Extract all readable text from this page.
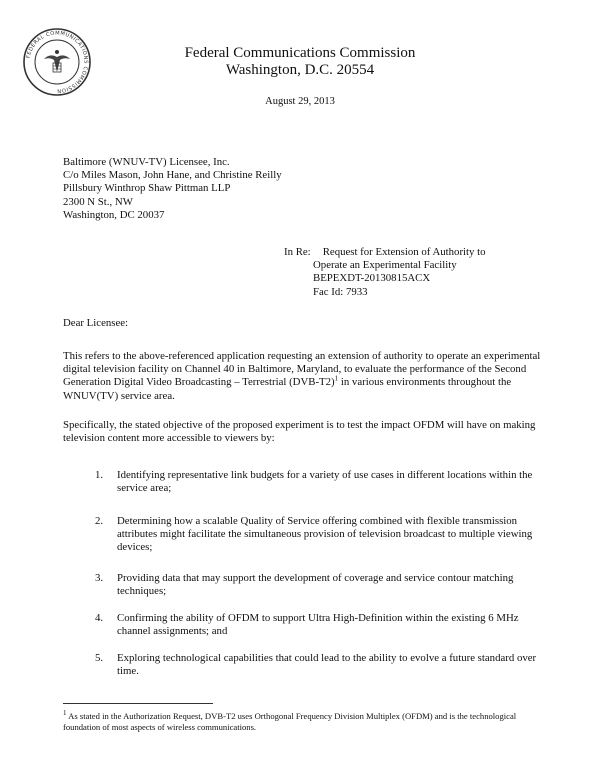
FEDERAL COMMUNICATIONS COMMISSION
Federal Communications Commission
Washington, D.C. 20554
August 29, 2013
Baltimore (WNUV-TV) Licensee, Inc.
C/o Miles Mason, John Hane, and Christine Reilly
Pillsbury Winthrop Shaw Pittman LLP
2300 N St., NW
Washington, DC 20037
In Re: Request for Extension of Authority to
Operate an Experimental Facility
BEPEXDT-20130815ACX
Fac Id: 7933
Dear Licensee:
This refers to the above-referenced application requesting an extension of authority to operate an experimental digital television facility on Channel 40 in Baltimore, Maryland, to evaluate the performance of the Second Generation Digital Video Broadcasting – Terrestrial $(DVB-T2)^1$ in various environments throughout the WNUV(TV) service area.
Specifically, the stated objective of the proposed experiment is to test the impact OFDM will have on making television content more accessible to viewers by:
1.	Identifying representative link budgets for a variety of use cases in different locations within the service area;
2.	Determining how a scalable Quality of Service offering combined with flexible transmission attributes might facilitate the simultaneous provision of television broadcast to multiple viewing devices;
3.	Providing data that may support the development of coverage and service contour matching techniques;
4.	Confirming the ability of OFDM to support Ultra High-Definition within the existing 6 MHz channel assignments; and
5.	Exploring technological capabilities that could lead to the ability to evolve a future standard over time.
$^1$ As stated in the Authorization Request, DVB-T2 uses Orthogonal Frequency Division Multiplex (OFDM) and is the technological foundation of most aspects of wireless communications.
